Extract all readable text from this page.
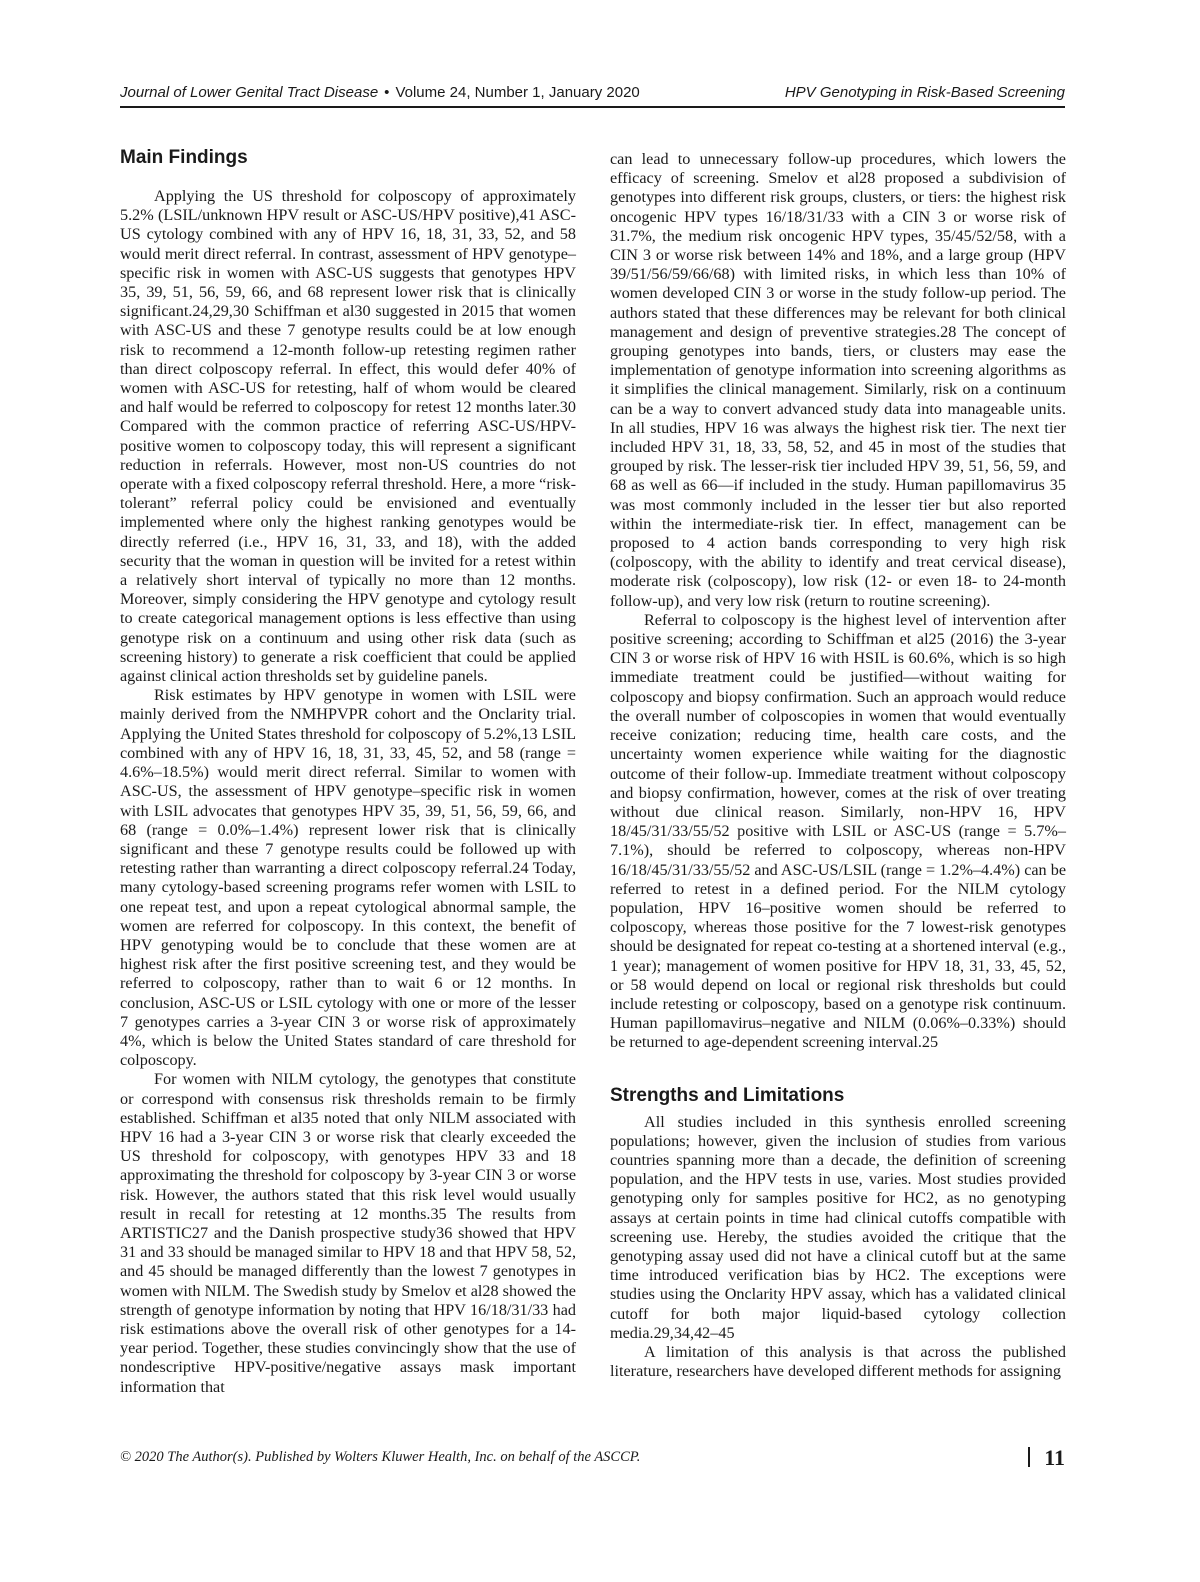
Journal of Lower Genital Tract Disease • Volume 24, Number 1, January 2020	HPV Genotyping in Risk-Based Screening
Main Findings

Applying the US threshold for colposcopy of approximately 5.2% (LSIL/unknown HPV result or ASC-US/HPV positive),41 ASC-US cytology combined with any of HPV 16, 18, 31, 33, 52, and 58 would merit direct referral. In contrast, assessment of HPV genotype–specific risk in women with ASC-US suggests that genotypes HPV 35, 39, 51, 56, 59, 66, and 68 represent lower risk that is clinically significant.24,29,30 Schiffman et al30 suggested in 2015 that women with ASC-US and these 7 genotype results could be at low enough risk to recommend a 12-month follow-up retesting regimen rather than direct colposcopy referral. In effect, this would defer 40% of women with ASC-US for retesting, half of whom would be cleared and half would be referred to colposcopy for retest 12 months later.30 Compared with the common practice of referring ASC-US/HPV-positive women to colposcopy today, this will represent a significant reduction in referrals. However, most non-US countries do not operate with a fixed colposcopy referral threshold. Here, a more “risk-tolerant” referral policy could be envisioned and eventually implemented where only the highest ranking genotypes would be directly referred (i.e., HPV 16, 31, 33, and 18), with the added security that the woman in question will be invited for a retest within a relatively short interval of typically no more than 12 months. Moreover, simply considering the HPV genotype and cytology result to create categorical management options is less effective than using genotype risk on a continuum and using other risk data (such as screening history) to generate a risk coefficient that could be applied against clinical action thresholds set by guideline panels.

Risk estimates by HPV genotype in women with LSIL were mainly derived from the NMHPVPR cohort and the Onclarity trial. Applying the United States threshold for colposcopy of 5.2%,13 LSIL combined with any of HPV 16, 18, 31, 33, 45, 52, and 58 (range = 4.6%–18.5%) would merit direct referral. Similar to women with ASC-US, the assessment of HPV genotype–specific risk in women with LSIL advocates that genotypes HPV 35, 39, 51, 56, 59, 66, and 68 (range = 0.0%–1.4%) represent lower risk that is clinically significant and these 7 genotype results could be followed up with retesting rather than warranting a direct colposcopy referral.24 Today, many cytology-based screening programs refer women with LSIL to one repeat test, and upon a repeat cytological abnormal sample, the women are referred for colposcopy. In this context, the benefit of HPV genotyping would be to conclude that these women are at highest risk after the first positive screening test, and they would be referred to colposcopy, rather than to wait 6 or 12 months. In conclusion, ASC-US or LSIL cytology with one or more of the lesser 7 genotypes carries a 3-year CIN 3 or worse risk of approximately 4%, which is below the United States standard of care threshold for colposcopy.

For women with NILM cytology, the genotypes that constitute or correspond with consensus risk thresholds remain to be firmly established. Schiffman et al35 noted that only NILM associated with HPV 16 had a 3-year CIN 3 or worse risk that clearly exceeded the US threshold for colposcopy, with genotypes HPV 33 and 18 approximating the threshold for colposcopy by 3-year CIN 3 or worse risk. However, the authors stated that this risk level would usually result in recall for retesting at 12 months.35 The results from ARTISTIC27 and the Danish prospective study36 showed that HPV 31 and 33 should be managed similar to HPV 18 and that HPV 58, 52, and 45 should be managed differently than the lowest 7 genotypes in women with NILM. The Swedish study by Smelov et al28 showed the strength of genotype information by noting that HPV 16/18/31/33 had risk estimations above the overall risk of other genotypes for a 14-year period. Together, these studies convincingly show that the use of nondescriptive HPV-positive/negative assays mask important information that

can lead to unnecessary follow-up procedures, which lowers the efficacy of screening. Smelov et al28 proposed a subdivision of genotypes into different risk groups, clusters, or tiers: the highest risk oncogenic HPV types 16/18/31/33 with a CIN 3 or worse risk of 31.7%, the medium risk oncogenic HPV types, 35/45/52/58, with a CIN 3 or worse risk between 14% and 18%, and a large group (HPV 39/51/56/59/66/68) with limited risks, in which less than 10% of women developed CIN 3 or worse in the study follow-up period. The authors stated that these differences may be relevant for both clinical management and design of preventive strategies.28 The concept of grouping genotypes into bands, tiers, or clusters may ease the implementation of genotype information into screening algorithms as it simplifies the clinical management. Similarly, risk on a continuum can be a way to convert advanced study data into manageable units. In all studies, HPV 16 was always the highest risk tier. The next tier included HPV 31, 18, 33, 58, 52, and 45 in most of the studies that grouped by risk. The lesser-risk tier included HPV 39, 51, 56, 59, and 68 as well as 66—if included in the study. Human papillomavirus 35 was most commonly included in the lesser tier but also reported within the intermediate-risk tier. In effect, management can be proposed to 4 action bands corresponding to very high risk (colposcopy, with the ability to identify and treat cervical disease), moderate risk (colposcopy), low risk (12- or even 18- to 24-month follow-up), and very low risk (return to routine screening).

Referral to colposcopy is the highest level of intervention after positive screening; according to Schiffman et al25 (2016) the 3-year CIN 3 or worse risk of HPV 16 with HSIL is 60.6%, which is so high immediate treatment could be justified—without waiting for colposcopy and biopsy confirmation. Such an approach would reduce the overall number of colposcopies in women that would eventually receive conization; reducing time, health care costs, and the uncertainty women experience while waiting for the diagnostic outcome of their follow-up. Immediate treatment without colposcopy and biopsy confirmation, however, comes at the risk of over treating without due clinical reason. Similarly, non-HPV 16, HPV 18/45/31/33/55/52 positive with LSIL or ASC-US (range = 5.7%–7.1%), should be referred to colposcopy, whereas non-HPV 16/18/45/31/33/55/52 and ASC-US/LSIL (range = 1.2%–4.4%) can be referred to retest in a defined period. For the NILM cytology population, HPV 16–positive women should be referred to colposcopy, whereas those positive for the 7 lowest-risk genotypes should be designated for repeat co-testing at a shortened interval (e.g., 1 year); management of women positive for HPV 18, 31, 33, 45, 52, or 58 would depend on local or regional risk thresholds but could include retesting or colposcopy, based on a genotype risk continuum. Human papillomavirus–negative and NILM (0.06%–0.33%) should be returned to age-dependent screening interval.25

Strengths and Limitations

All studies included in this synthesis enrolled screening populations; however, given the inclusion of studies from various countries spanning more than a decade, the definition of screening population, and the HPV tests in use, varies. Most studies provided genotyping only for samples positive for HC2, as no genotyping assays at certain points in time had clinical cutoffs compatible with screening use. Hereby, the studies avoided the critique that the genotyping assay used did not have a clinical cutoff but at the same time introduced verification bias by HC2. The exceptions were studies using the Onclarity HPV assay, which has a validated clinical cutoff for both major liquid-based cytology collection media.29,34,42–45

A limitation of this analysis is that across the published literature, researchers have developed different methods for assigning

© 2020 The Author(s). Published by Wolters Kluwer Health, Inc. on behalf of the ASCCP.	11
